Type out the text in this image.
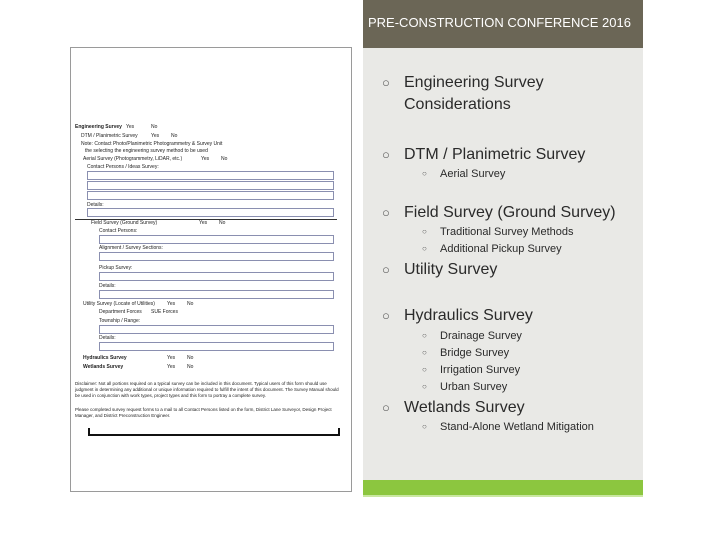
PRE-CONSTRUCTION CONFERENCE 2016
Engineering Survey Yes	No
DTM / Planimetric Survey	Yes No
Note: Contact Photo/Planimetric Photogrammetry & Survey Unit
the selecting the engineering survey method to be used
Aerial Survey (Photogrammetry, LiDAR, etc.)	Yes No
Contact Persons / Ideas Survey:
Details:
Field Survey (Ground Survey)	Yes No
Contact Persons:
Alignment / Survey Sections:
Pickup Survey:
Details:
Utility Survey (Locate of Utilities) Yes No
Department Forces SUE Forces
Township / Range:
Details:
Hydraulics Survey	Yes No
Wetlands Survey	Yes No
Disclaimer: Not all portions required on a typical survey can be included in this document. Typical users of this form should use judgment in determining any additional or unique information required to fulfill the intent of this document. The Survey Manual should be used in conjunction with work types, project types and this form to portray a complete survey.
Please completed survey request forms to a mail to all Contact Persons listed on the form, District Lane Surveyor, Design Project Manager, and District Preconstruction Engineer.
○ Engineering Survey Considerations
○ DTM / Planimetric Survey
○ Aerial Survey
○ Field Survey (Ground Survey)
○ Traditional Survey Methods
○ Additional Pickup Survey
○ Utility Survey
○ Hydraulics Survey
○ Drainage Survey
○ Bridge Survey
○ Irrigation Survey
○ Urban Survey
○ Wetlands Survey
○ Stand-Alone Wetland Mitigation
